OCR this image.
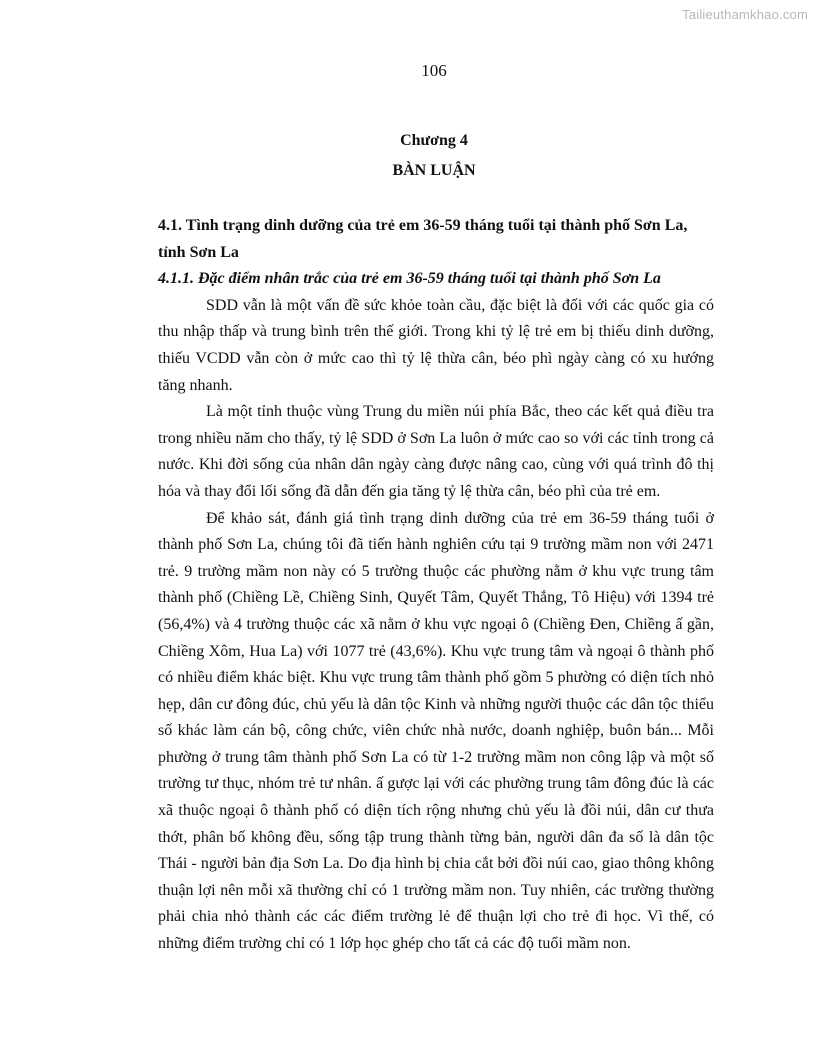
Tailieuthamkhao.com
106
Chương 4
BÀN LUẬN

4.1. Tình trạng dinh dưỡng của trẻ em 36-59 tháng tuổi tại thành phố Sơn La, tỉnh Sơn La

4.1.1. Đặc điểm nhân trắc của trẻ em 36-59 tháng tuổi tại thành phố Sơn La

SDD vẫn là một vấn đề sức khỏe toàn cầu, đặc biệt là đối với các quốc gia có thu nhập thấp và trung bình trên thế giới. Trong khi tỷ lệ trẻ em bị thiếu dinh dưỡng, thiếu VCDD vẫn còn ở mức cao thì tỷ lệ thừa cân, béo phì ngày càng có xu hướng tăng nhanh.

Là một tỉnh thuộc vùng Trung du miền núi phía Bắc, theo các kết quả điều tra trong nhiều năm cho thấy, tỷ lệ SDD ở Sơn La luôn ở mức cao so với các tỉnh trong cả nước. Khi đời sống của nhân dân ngày càng được nâng cao, cùng với quá trình đô thị hóa và thay đổi lối sống đã dẫn đến gia tăng tỷ lệ thừa cân, béo phì của trẻ em.

Để khảo sát, đánh giá tình trạng dinh dưỡng của trẻ em 36-59 tháng tuổi ở thành phố Sơn La, chúng tôi đã tiến hành nghiên cứu tại 9 trường mầm non với 2471 trẻ. 9 trường mầm non này có 5 trường thuộc các phường nằm ở khu vực trung tâm thành phố (Chiềng Lề, Chiềng Sinh, Quyết Tâm, Quyết Thắng, Tô Hiệu) với 1394 trẻ (56,4%) và 4 trường thuộc các xã nằm ở khu vực ngoại ô (Chiềng Đen, Chiềng ấ gần, Chiềng Xôm, Hua La) với 1077 trẻ (43,6%). Khu vực trung tâm và ngoại ô thành phố có nhiều điểm khác biệt. Khu vực trung tâm thành phố gồm 5 phường có diện tích nhỏ hẹp, dân cư đông đúc, chủ yếu là dân tộc Kinh và những người thuộc các dân tộc thiểu số khác làm cán bộ, công chức, viên chức nhà nước, doanh nghiệp, buôn bán... Mỗi phường ở trung tâm thành phố Sơn La có từ 1-2 trường mầm non công lập và một số trường tư thục, nhóm trẻ tư nhân. ấ gược lại với các phường trung tâm đông đúc là các xã thuộc ngoại ô thành phố có diện tích rộng nhưng chủ yếu là đồi núi, dân cư thưa thớt, phân bố không đều, sống tập trung thành từng bản, người dân đa số là dân tộc Thái - người bản địa Sơn La. Do địa hình bị chia cắt bởi đồi núi cao, giao thông không thuận lợi nên mỗi xã thường chỉ có 1 trường mầm non. Tuy nhiên, các trường thường phải chia nhỏ thành các các điểm trường lẻ để thuận lợi cho trẻ đi học. Vì thế, có những điểm trường chỉ có 1 lớp học ghép cho tất cả các độ tuổi mầm non.
